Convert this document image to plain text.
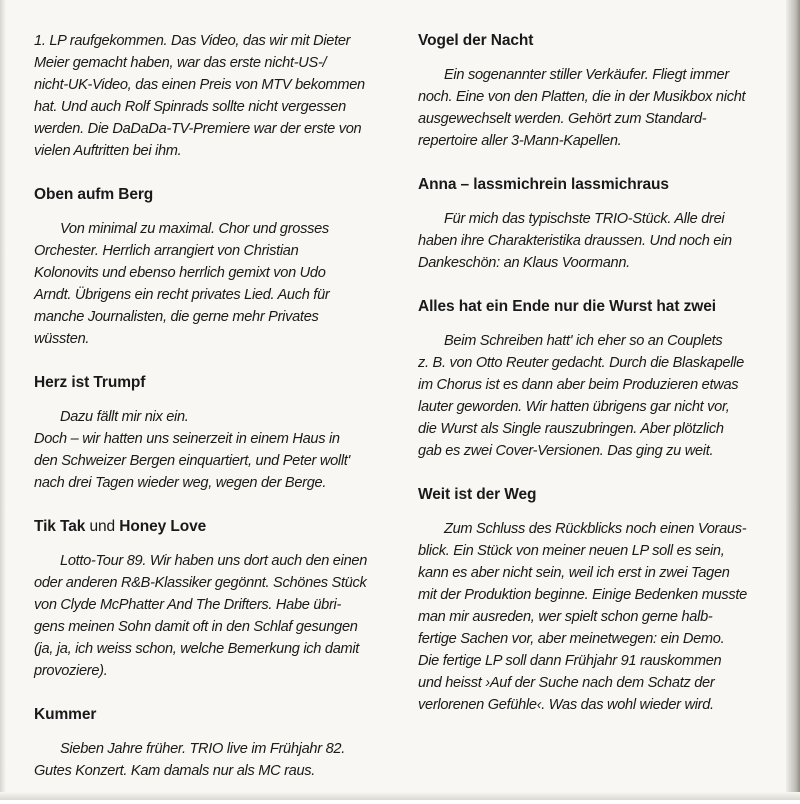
1. LP raufgekommen. Das Video, das wir mit Dieter
Meier gemacht haben, war das erste nicht-US-/
nicht-UK-Video, das einen Preis von MTV bekommen
hat. Und auch Rolf Spinrads sollte nicht vergessen
werden. Die DaDaDa-TV-Premiere war der erste von
vielen Auftritten bei ihm.

Oben aufm Berg

Von minimal zu maximal. Chor und grosses
Orchester. Herrlich arrangiert von Christian
Kolonovits und ebenso herrlich gemixt von Udo
Arndt. Übrigens ein recht privates Lied. Auch für
manche Journalisten, die gerne mehr Privates
wüssten.

Herz ist Trumpf

Dazu fällt mir nix ein.
Doch – wir hatten uns seinerzeit in einem Haus in
den Schweizer Bergen einquartiert, und Peter wollt'
nach drei Tagen wieder weg, wegen der Berge.

Tik Tak und Honey Love

Lotto-Tour 89. Wir haben uns dort auch den einen
oder anderen R&B-Klassiker gegönnt. Schönes Stück
von Clyde McPhatter And The Drifters. Habe übri-
gens meinen Sohn damit oft in den Schlaf gesungen
(ja, ja, ich weiss schon, welche Bemerkung ich damit
provoziere).

Kummer

Sieben Jahre früher. TRIO live im Frühjahr 82.
Gutes Konzert. Kam damals nur als MC raus.

Vogel der Nacht

Ein sogenannter stiller Verkäufer. Fliegt immer
noch. Eine von den Platten, die in der Musikbox nicht
ausgewechselt werden. Gehört zum Standard-
repertoire aller 3-Mann-Kapellen.

Anna – lassmichrein lassmichraus

Für mich das typischste TRIO-Stück. Alle drei
haben ihre Charakteristika draussen. Und noch ein
Dankeschön: an Klaus Voormann.

Alles hat ein Ende nur die Wurst hat zwei

Beim Schreiben hatt' ich eher so an Couplets
z. B. von Otto Reuter gedacht. Durch die Blaskapelle
im Chorus ist es dann aber beim Produzieren etwas
lauter geworden. Wir hatten übrigens gar nicht vor,
die Wurst als Single rauszubringen. Aber plötzlich
gab es zwei Cover-Versionen. Das ging zu weit.

Weit ist der Weg

Zum Schluss des Rückblicks noch einen Voraus-
blick. Ein Stück von meiner neuen LP soll es sein,
kann es aber nicht sein, weil ich erst in zwei Tagen
mit der Produktion beginne. Einige Bedenken musste
man mir ausreden, wer spielt schon gerne halb-
fertige Sachen vor, aber meinetwegen: ein Demo.
Die fertige LP soll dann Frühjahr 91 rauskommen
und heisst ›Auf der Suche nach dem Schatz der
verlorenen Gefühle‹. Was das wohl wieder wird.
